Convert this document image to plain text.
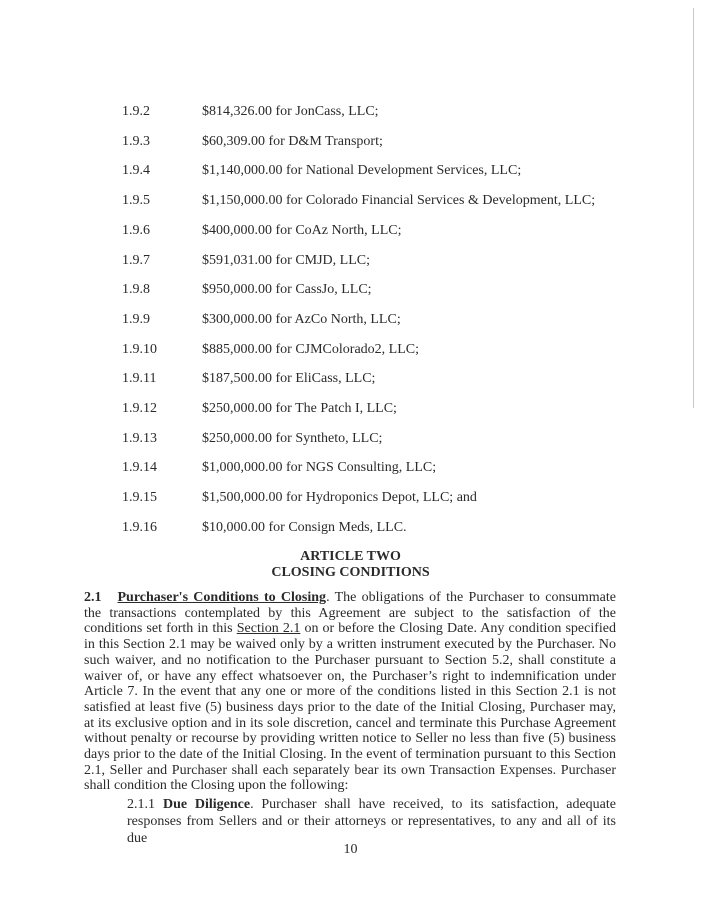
1.9.2	$814,326.00 for JonCass, LLC;
1.9.3	$60,309.00 for D&M Transport;
1.9.4	$1,140,000.00 for National Development Services, LLC;
1.9.5	$1,150,000.00 for Colorado Financial Services & Development, LLC;
1.9.6	$400,000.00 for CoAz North, LLC;
1.9.7	$591,031.00 for CMJD, LLC;
1.9.8	$950,000.00 for CassJo, LLC;
1.9.9	$300,000.00 for AzCo North, LLC;
1.9.10	$885,000.00 for CJMColorado2, LLC;
1.9.11	$187,500.00 for EliCass, LLC;
1.9.12	$250,000.00 for The Patch I, LLC;
1.9.13	$250,000.00 for Syntheto, LLC;
1.9.14	$1,000,000.00 for NGS Consulting, LLC;
1.9.15	$1,500,000.00 for Hydroponics Depot, LLC; and
1.9.16	$10,000.00 for Consign Meds, LLC.
ARTICLE TWO
CLOSING CONDITIONS
2.1 Purchaser's Conditions to Closing. The obligations of the Purchaser to consummate the transactions contemplated by this Agreement are subject to the satisfaction of the conditions set forth in this Section 2.1 on or before the Closing Date. Any condition specified in this Section 2.1 may be waived only by a written instrument executed by the Purchaser. No such waiver, and no notification to the Purchaser pursuant to Section 5.2, shall constitute a waiver of, or have any effect whatsoever on, the Purchaser’s right to indemnification under Article 7. In the event that any one or more of the conditions listed in this Section 2.1 is not satisfied at least five (5) business days prior to the date of the Initial Closing, Purchaser may, at its exclusive option and in its sole discretion, cancel and terminate this Purchase Agreement without penalty or recourse by providing written notice to Seller no less than five (5) business days prior to the date of the Initial Closing. In the event of termination pursuant to this Section 2.1, Seller and Purchaser shall each separately bear its own Transaction Expenses. Purchaser shall condition the Closing upon the following:
2.1.1 Due Diligence. Purchaser shall have received, to its satisfaction, adequate responses from Sellers and or their attorneys or representatives, to any and all of its due
10
